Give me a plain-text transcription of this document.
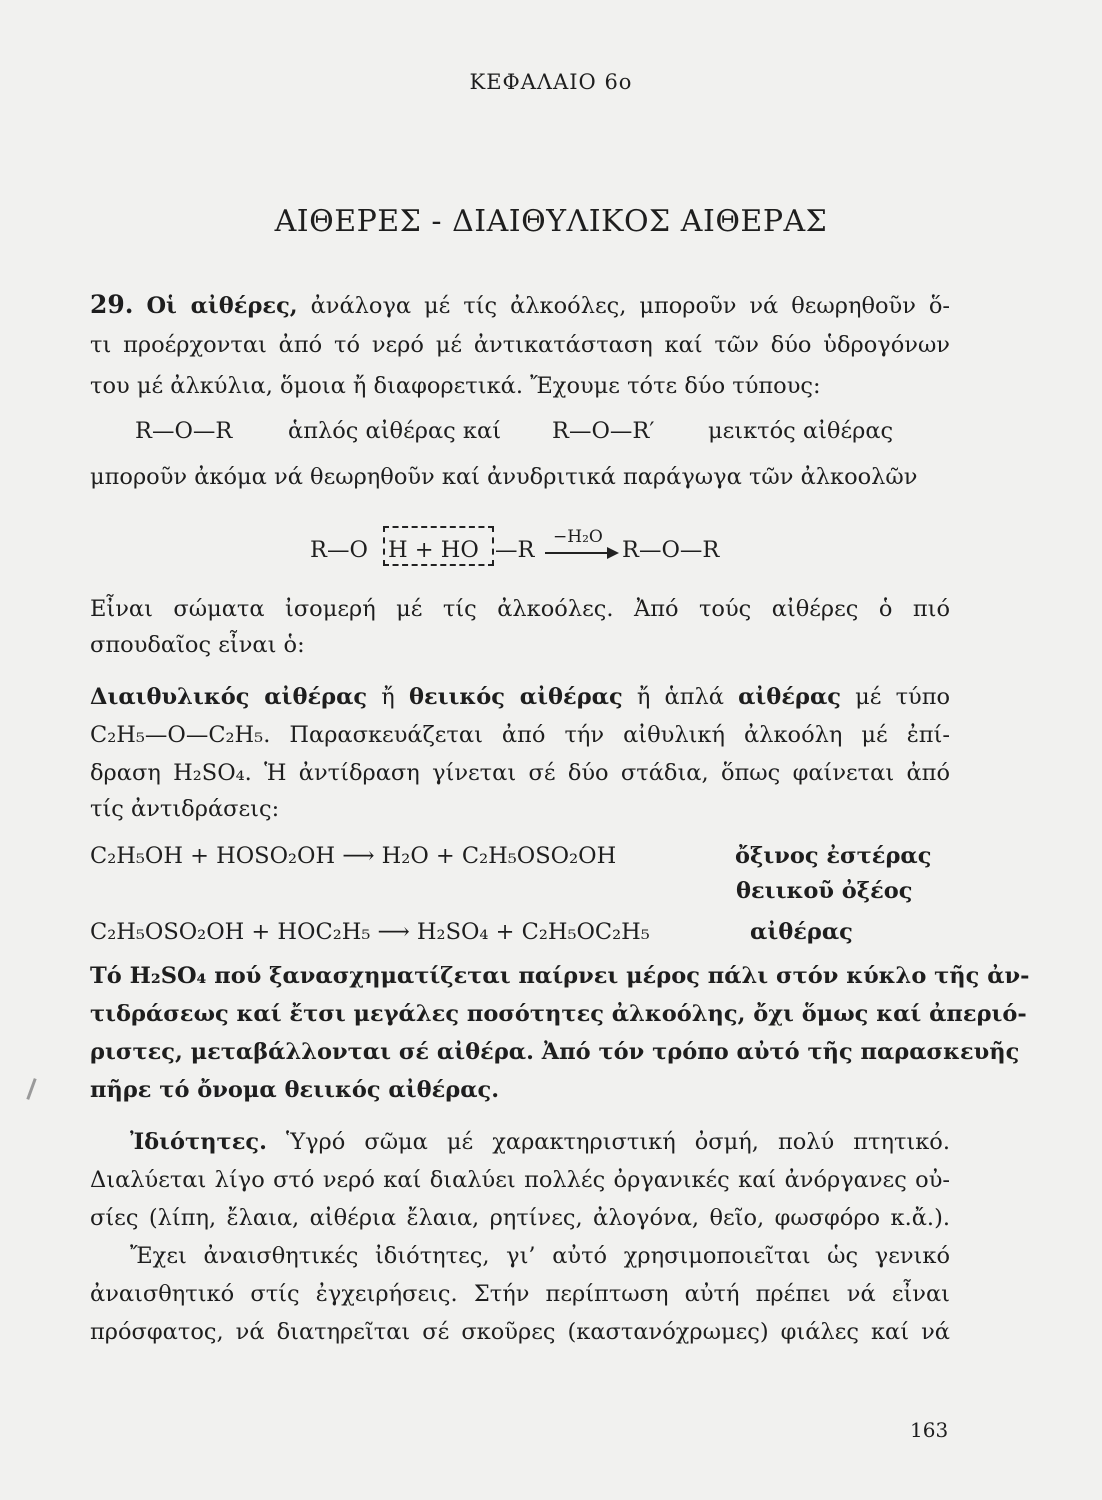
ΚΕΦΑΛΑΙΟ 6ο
ΑΙΘΕΡΕΣ - ΔΙΑΙΘΥΛΙΚΟΣ ΑΙΘΕΡΑΣ
29. Οἱ αἰθέρες, ἀνάλογα μέ τίς ἀλκοόλες, μποροῦν νά θεωρηθοῦν ὅ-
τι προέρχονται ἀπό τό νερό μέ ἀντικατάσταση καί τῶν δύο ὑδρογόνων
του μέ ἀλκύλια, ὅμοια ἤ διαφορετικά. Ἔχουμε τότε δύο τύπους:
R—O—R ἁπλός αἰθέρας καί R—O—R′ μεικτός αἰθέρας
μποροῦν ἀκόμα νά θεωρηθοῦν καί ἀνυδριτικά παράγωγα τῶν ἀλκοολῶν
R—O H + HO —R −H₂O R—O—R
Εἶναι σώματα ἰσομερή μέ τίς ἀλκοόλες. Ἀπό τούς αἰθέρες ὁ πιό
σπουδαῖος εἶναι ὁ:
Διαιθυλικός αἰθέρας ἤ θειικός αἰθέρας ἤ ἁπλά αἰθέρας μέ τύπο
C₂H₅—O—C₂H₅. Παρασκευάζεται ἀπό τήν αἰθυλική ἀλκοόλη μέ ἐπί-
δραση H₂SO₄. Ἡ ἀντίδραση γίνεται σέ δύο στάδια, ὅπως φαίνεται ἀπό
τίς ἀντιδράσεις:
C₂H₅OH + HOSO₂OH ⟶ H₂O + C₂H₅OSO₂OH	ὄξινος ἐστέρας
θειικοῦ ὀξέος
C₂H₅OSO₂OH + HOC₂H₅ ⟶ H₂SO₄ + C₂H₅OC₂H₅	αἰθέρας
Τό H₂SO₄ πού ξανασχηματίζεται παίρνει μέρος πάλι στόν κύκλο τῆς ἀν-
τιδράσεως καί ἔτσι μεγάλες ποσότητες ἀλκοόλης, ὄχι ὅμως καί ἀπεριό-
ριστες, μεταβάλλονται σέ αἰθέρα. Ἀπό τόν τρόπο αὐτό τῆς παρασκευῆς
πῆρε τό ὄνομα θειικός αἰθέρας.
Ἰδιότητες. Ὑγρό σῶμα μέ χαρακτηριστική ὀσμή, πολύ πτητικό.
Διαλύεται λίγο στό νερό καί διαλύει πολλές ὀργανικές καί ἀνόργανες οὐ-
σίες (λίπη, ἔλαια, αἰθέρια ἔλαια, ρητίνες, ἀλογόνα, θεῖο, φωσφόρο κ.ἄ.).
Ἔχει ἀναισθητικές ἰδιότητες, γι’ αὐτό χρησιμοποιεῖται ὡς γενικό
ἀναισθητικό στίς ἐγχειρήσεις. Στήν περίπτωση αὐτή πρέπει νά εἶναι
πρόσφατος, νά διατηρεῖται σέ σκοῦρες (καστανόχρωμες) φιάλες καί νά
163
